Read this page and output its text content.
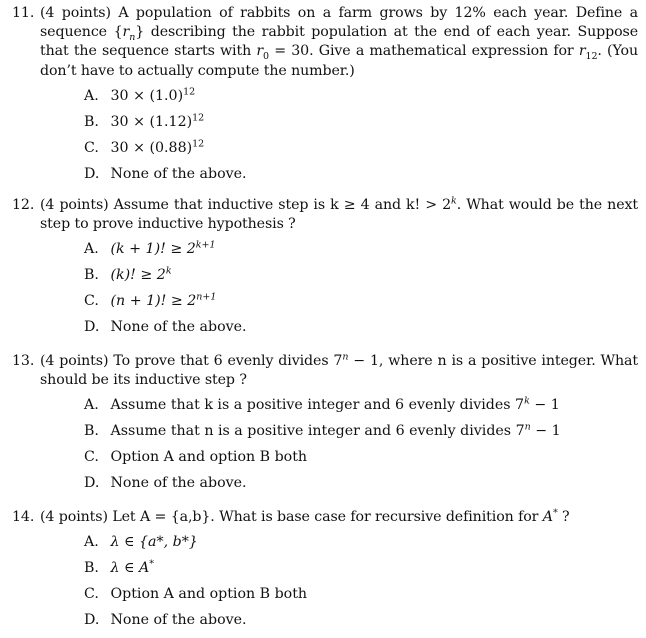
11. (4 points) A population of rabbits on a farm grows by 12% each year. Define a sequence $\{r_n\}$ describing the rabbit population at the end of each year. Suppose that the sequence starts with $r_0 = 30$. Give a mathematical expression for $r_{12}$. (You don’t have to actually compute the number.)
A. $30 \times (1.0)^{12}$
B. $30 \times (1.12)^{12}$
C. $30 \times (0.88)^{12}$
D. None of the above.
12. (4 points) Assume that inductive step is k ≥ 4 and k! > $2^k$. What would be the next step to prove inductive hypothesis ?
A. (k + 1)! ≥ $2^{k+1}$
B. (k)! ≥ $2^k$
C. (n + 1)! ≥ $2^{n+1}$
D. None of the above.
13. (4 points) To prove that 6 evenly divides $7^n - 1$, where n is a positive integer. What should be its inductive step ?
A. Assume that k is a positive integer and 6 evenly divides $7^k - 1$
B. Assume that n is a positive integer and 6 evenly divides $7^n - 1$
C. Option A and option B both
D. None of the above.
14. (4 points) Let A = {a,b}. What is base case for recursive definition for A* ?
A. λ ∈ {a*, b*}
B. λ ∈ A*
C. Option A and option B both
D. None of the above.
